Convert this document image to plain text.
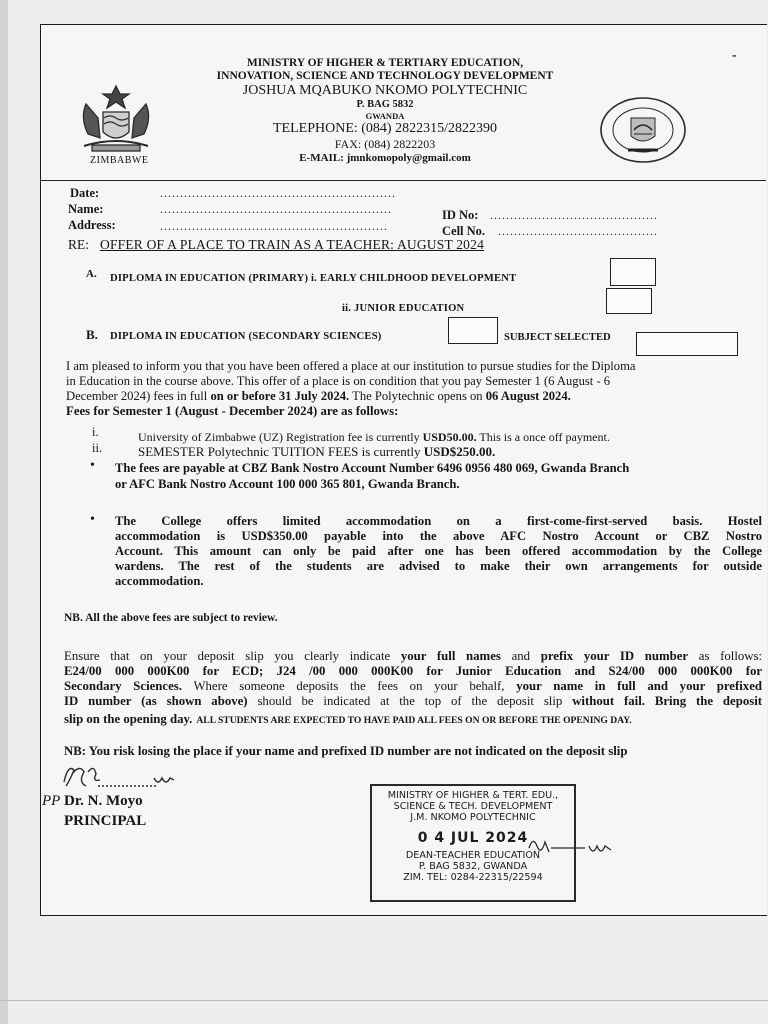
ZIMBABWE
MINISTRY OF HIGHER & TERTIARY EDUCATION,
INNOVATION, SCIENCE AND TECHNOLOGY DEVELOPMENT
JOSHUA MQABUKO NKOMO POLYTECHNIC
P. BAG 5832
GWANDA
TELEPHONE: (084) 2822315/2822390
FAX: (084) 2822203
E-MAIL: jmnkomopoly@gmail.com
Date:	...........................................................
Name:	..........................................................	ID No: ..........................................
Address:	.........................................................	Cell No. ........................................
RE: OFFER OF A PLACE TO TRAIN AS A TEACHER: AUGUST 2024
A. DIPLOMA IN EDUCATION (PRIMARY) i. EARLY CHILDHOOD DEVELOPMENT
ii. JUNIOR EDUCATION
B. DIPLOMA IN EDUCATION (SECONDARY SCIENCES)	SUBJECT SELECTED
I am pleased to inform you that you have been offered a place at our institution to pursue studies for the Diploma
in Education in the course above. This offer of a place is on condition that you pay Semester 1 (6 August - 6
December 2024) fees in full on or before 31 July 2024. The Polytechnic opens on 06 August 2024.
Fees for Semester 1 (August - December 2024) are as follows:
i.	University of Zimbabwe (UZ) Registration fee is currently USD50.00. This is a once off payment.
ii.	SEMESTER Polytechnic TUITION FEES is currently USD$250.00.
• The fees are payable at CBZ Bank Nostro Account Number 6496 0956 480 069, Gwanda Branch
or AFC Bank Nostro Account 100 000 365 801, Gwanda Branch.
• The College offers limited accommodation on a first-come-first-served basis. Hostel
accommodation is USD$350.00 payable into the above AFC Nostro Account or CBZ Nostro
Account. This amount can only be paid after one has been offered accommodation by the College
wardens. The rest of the students are advised to make their own arrangements for outside
accommodation.
NB. All the above fees are subject to review.
Ensure that on your deposit slip you clearly indicate your full names and prefix your ID number as follows:
E24/00 000 000K00 for ECD; J24 /00 000 000K00 for Junior Education and S24/00 000 000K00 for
Secondary Sciences. Where someone deposits the fees on your behalf, your name in full and your prefixed
ID number (as shown above) should be indicated at the top of the deposit slip without fail. Bring the deposit
slip on the opening day. ALL STUDENTS ARE EXPECTED TO HAVE PAID ALL FEES ON OR BEFORE THE OPENING DAY.
NB: You risk losing the place if your name and prefixed ID number are not indicated on the deposit slip
PP Dr. N. Moyo
PRINCIPAL
MINISTRY OF HIGHER & TERT. EDU.,
SCIENCE & TECH. DEVELOPMENT
J.M. NKOMO POLYTECHNIC
0 4 JUL 2024
DEAN-TEACHER EDUCATION
P. BAG 5832, GWANDA
ZIM. TEL: 0284-22315/22594
-
